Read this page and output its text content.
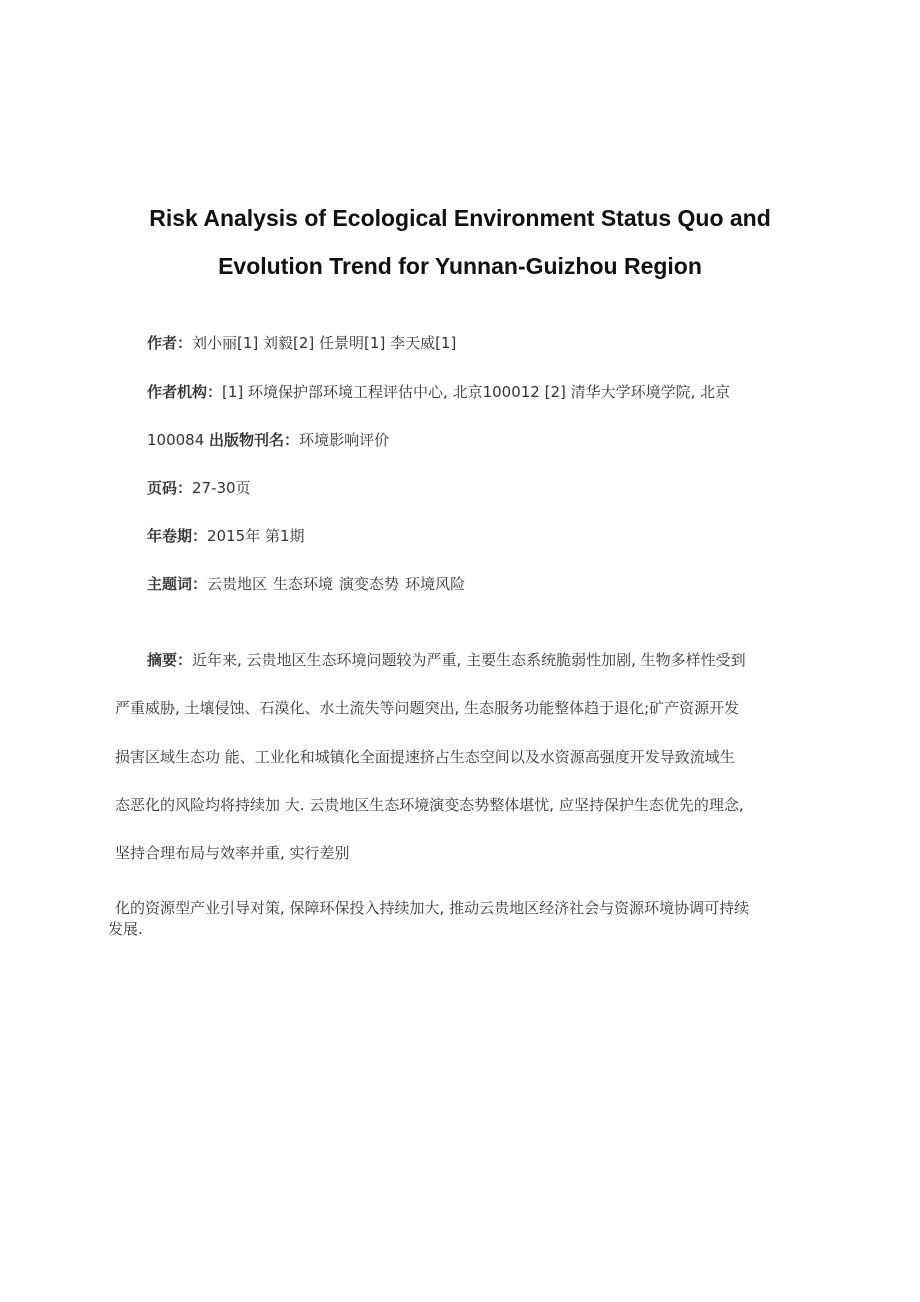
Risk Analysis of Ecological Environment Status Quo and
Evolution Trend for Yunnan-Guizhou Region
作者：刘小丽[1] 刘毅[2] 任景明[1] 李天威[1]
作者机构：[1] 环境保护部环境工程评估中心, 北京100012 [2] 清华大学环境学院, 北京
100084 出版物刊名：环境影响评价
页码：27-30页
年卷期：2015年 第1期
主题词：云贵地区 生态环境 演变态势 环境风险
摘要：近年来, 云贵地区生态环境问题较为严重, 主要生态系统脆弱性加剧, 生物多样性受到
严重威胁, 土壤侵蚀、石漠化、水土流失等问题突出, 生态服务功能整体趋于退化;矿产资源开发
损害区域生态功 能、工业化和城镇化全面提速挤占生态空间以及水资源高强度开发导致流域生
态恶化的风险均将持续加 大. 云贵地区生态环境演变态势整体堪忧, 应坚持保护生态优先的理念,
坚持合理布局与效率并重, 实行差别
化的资源型产业引导对策, 保障环保投入持续加大, 推动云贵地区经济社会与资源环境协调可持续
发展.
